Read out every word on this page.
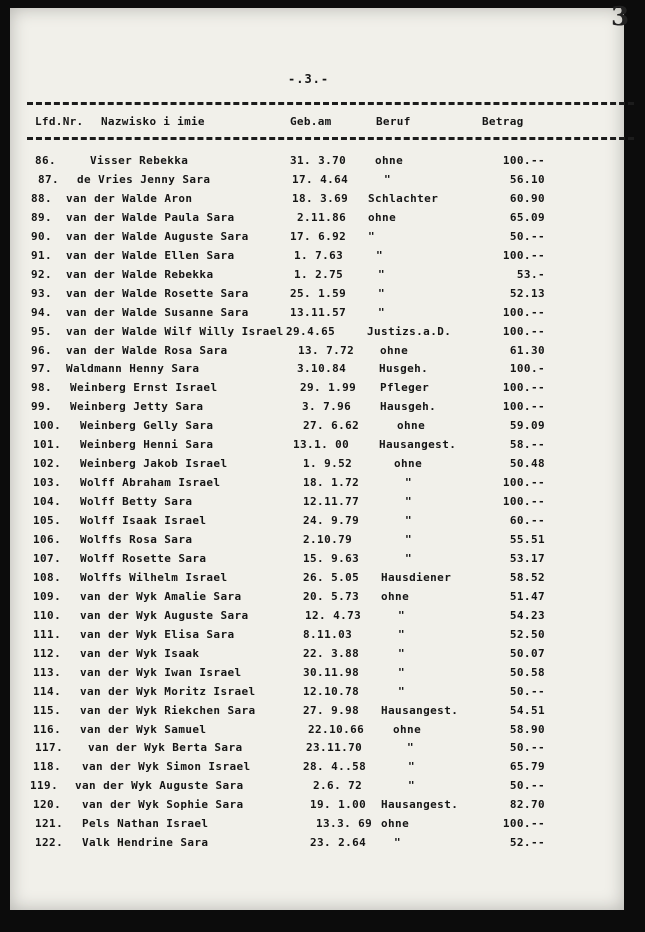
3
-.3.-
Lfd.Nr. Nazwisko i imie	Geb.am	Beruf	Betrag
86.	Visser Rebekka	31. 3.70	ohne	100.--
87. de Vries Jenny Sara	17. 4.64	"	56.10
88. van der Walde Aron	18. 3.69 Schlachter	60.90
89. van der Walde Paula Sara	2.11.86 ohne	65.09
90. van der Walde Auguste Sara	17. 6.92 "	50.--
91. van der Walde Ellen Sara	1. 7.63	"	100.--
92. van der Walde Rebekka	1. 2.75	"	53.-
93. van der Walde Rosette Sara	25. 1.59	"	52.13
94. van der Walde Susanne Sara	13.11.57	"	100.--
95. van der Walde Wilf Willy Israel 29.4.65	Justizs.a.D.	100.--
96. van der Walde Rosa Sara	13. 7.72 ohne	61.30
97. Waldmann Henny Sara	3.10.84	Husgeh.	100.-
98. Weinberg Ernst Israel	29. 1.99 Pfleger	100.--
99. Weinberg Jetty Sara	3. 7.96	Hausgeh.	100.--
100. Weinberg Gelly Sara	27. 6.62	ohne	59.09
101. Weinberg Henni Sara	13.1. 00	Hausangest.	58.--
102. Weinberg Jakob Israel	1. 9.52	ohne	50.48
103. Wolff Abraham Israel	18. 1.72	"	100.--
104. Wolff Betty Sara	12.11.77	"	100.--
105. Wolff Isaak Israel	24. 9.79	"	60.--
106. Wolffs Rosa Sara	2.10.79	"	55.51
107. Wolff Rosette Sara	15. 9.63	"	53.17
108. Wolffs Wilhelm Israel	26. 5.05 Hausdiener	58.52
109. van der Wyk Amalie Sara	20. 5.73 ohne	51.47
110. van der Wyk Auguste Sara	12. 4.73	"	54.23
111. van der Wyk Elisa Sara	8.11.03	"	52.50
112. van der Wyk Isaak	22. 3.88	"	50.07
113. van der Wyk Iwan Israel	30.11.98	"	50.58
114. van der Wyk Moritz Israel	12.10.78	"	50.--
115. van der Wyk Riekchen Sara	27. 9.98 Hausangest.	54.51
116. van der Wyk Samuel	22.10.66	ohne	58.90
117. van der Wyk Berta Sara	23.11.70	"	50.--
118. van der Wyk Simon Israel	28. 4..58	"	65.79
119. van der Wyk Auguste Sara	2.6. 72	"	50.--
120. van der Wyk Sophie Sara	19. 1.00 Hausangest.	82.70
121. Pels Nathan Israel	13.3. 69 ohne	100.--
122. Valk Hendrine Sara	23. 2.64	"	52.--
